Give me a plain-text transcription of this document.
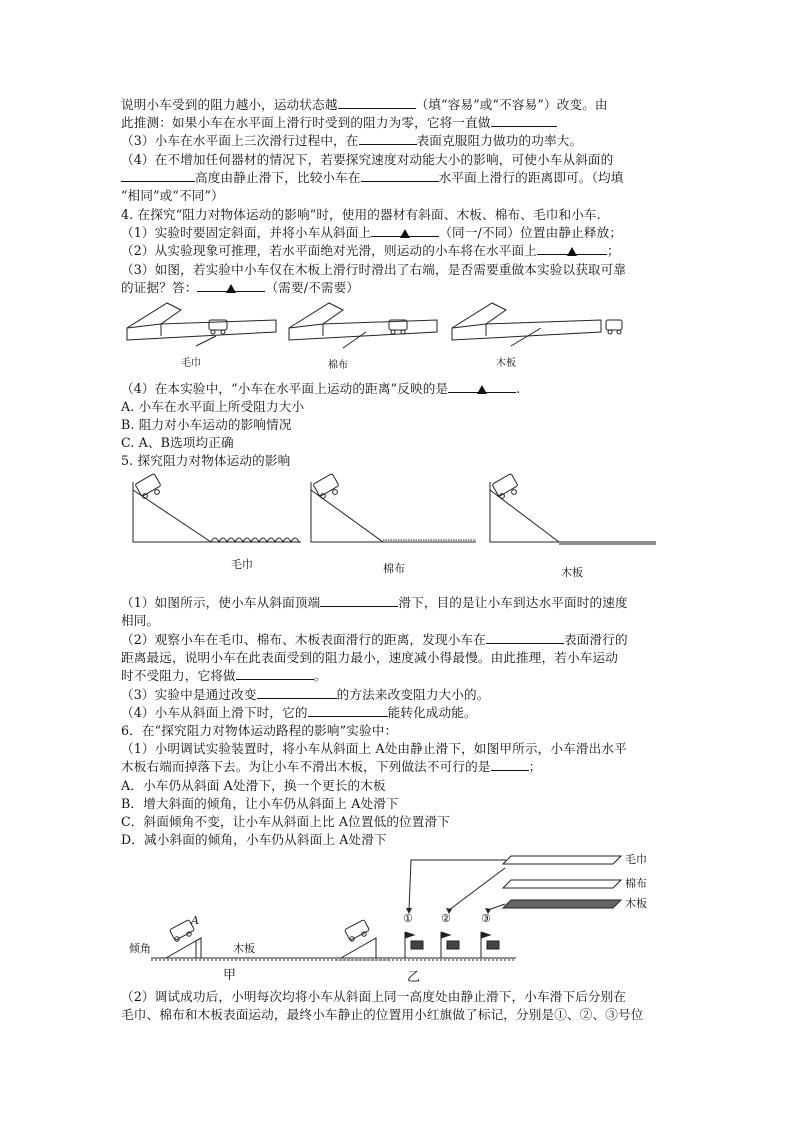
说明小车受到的阻力越小，运动状态越	（填“容易”或“不容易”）改变。由
此推测：如果小车在水平面上滑行时受到的阻力为零，它将一直做
（3）小车在水平面上三次滑行过程中，在	表面克服阻力做功的功率大。
（4）在不增加任何器材的情况下，若要探究速度对动能大小的影响，可使小车从斜面的
高度由静止滑下，比较小车在	水平面上滑行的距离即可。（均填
“相同”或“不同”）
4. 在探究“阻力对物体运动的影响”时，使用的器材有斜面、木板、棉布、毛巾和小车.
（1）实验时要固定斜面，并将小车从斜面上	（同一/不同）位置由静止释放；
（2）从实验现象可推理，若水平面绝对光滑，则运动的小车将在水平面上	；
（3）如图，若实验中小车仅在木板上滑行时滑出了右端，是否需要重做本实验以获取可靠
的证据？答：	（需要/不需要）
毛巾	棉布	木板
（4）在本实验中，“小车在水平面上运动的距离”反映的是	.
A. 小车在水平面上所受阻力大小
B. 阻力对小车运动的影响情况
C. A、B选项均正确
5. 探究阻力对物体运动的影响
毛巾	棉布	木板
（1）如图所示，使小车从斜面顶端	滑下，目的是让小车到达水平面时的速度
相同。
（2）观察小车在毛巾、棉布、木板表面滑行的距离，发现小车在	表面滑行的
距离最远，说明小车在此表面受到的阻力最小，速度减小得最慢。由此推理，若小车运动
时不受阻力，它将做	。
（3）实验中是通过改变	的方法来改变阻力大小的。
（4）小车从斜面上滑下时，它的	能转化成动能。
6．在“探究阻力对物体运动路程的影响”实验中：
（1）小明调试实验装置时，将小车从斜面上 A处由静止滑下，如图甲所示，小车滑出水平
木板右端而掉落下去。为让小车不滑出木板，下列做法不可行的是	；
A．小车仍从斜面 A处滑下，换一个更长的木板
B．增大斜面的倾角，让小车仍从斜面上 A处滑下
C．斜面倾角不变，让小车从斜面上比 A位置低的位置滑下
D．减小斜面的倾角，小车仍从斜面上 A处滑下
A
倾角	木板
甲	乙
毛巾
棉布
木板
①	②	③
（2）调试成功后，小明每次均将小车从斜面上同一高度处由静止滑下，小车滑下后分别在
毛巾、棉布和木板表面运动，最终小车静止的位置用小红旗做了标记，分别是①、②、③号位
